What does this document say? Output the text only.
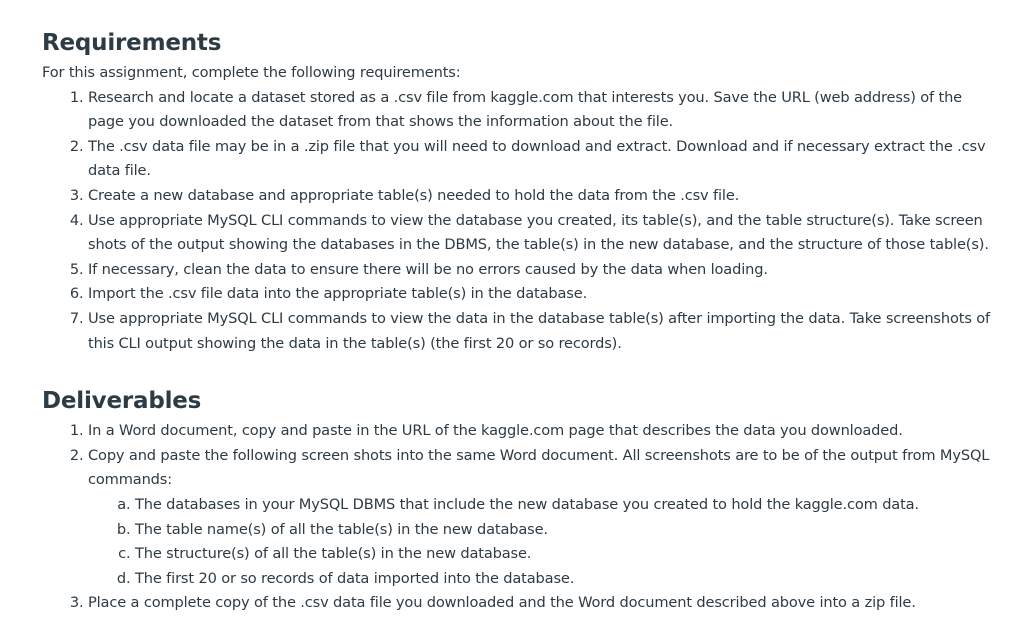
Requirements

For this assignment, complete the following requirements:

1. Research and locate a dataset stored as a .csv file from kaggle.com that interests you. Save the URL (web address) of the page you downloaded the dataset from that shows the information about the file.
2. The .csv data file may be in a .zip file that you will need to download and extract. Download and if necessary extract the .csv data file.
3. Create a new database and appropriate table(s) needed to hold the data from the .csv file.
4. Use appropriate MySQL CLI commands to view the database you created, its table(s), and the table structure(s). Take screen shots of the output showing the databases in the DBMS, the table(s) in the new database, and the structure of those table(s).
5. If necessary, clean the data to ensure there will be no errors caused by the data when loading.
6. Import the .csv file data into the appropriate table(s) in the database.
7. Use appropriate MySQL CLI commands to view the data in the database table(s) after importing the data. Take screenshots of this CLI output showing the data in the table(s) (the first 20 or so records).
Deliverables
1. In a Word document, copy and paste in the URL of the kaggle.com page that describes the data you downloaded.
2. Copy and paste the following screen shots into the same Word document. All screenshots are to be of the output from MySQL commands:
a. The databases in your MySQL DBMS that include the new database you created to hold the kaggle.com data.
b. The table name(s) of all the table(s) in the new database.
c. The structure(s) of all the table(s) in the new database.
d. The first 20 or so records of data imported into the database.
3. Place a complete copy of the .csv data file you downloaded and the Word document described above into a zip file.
